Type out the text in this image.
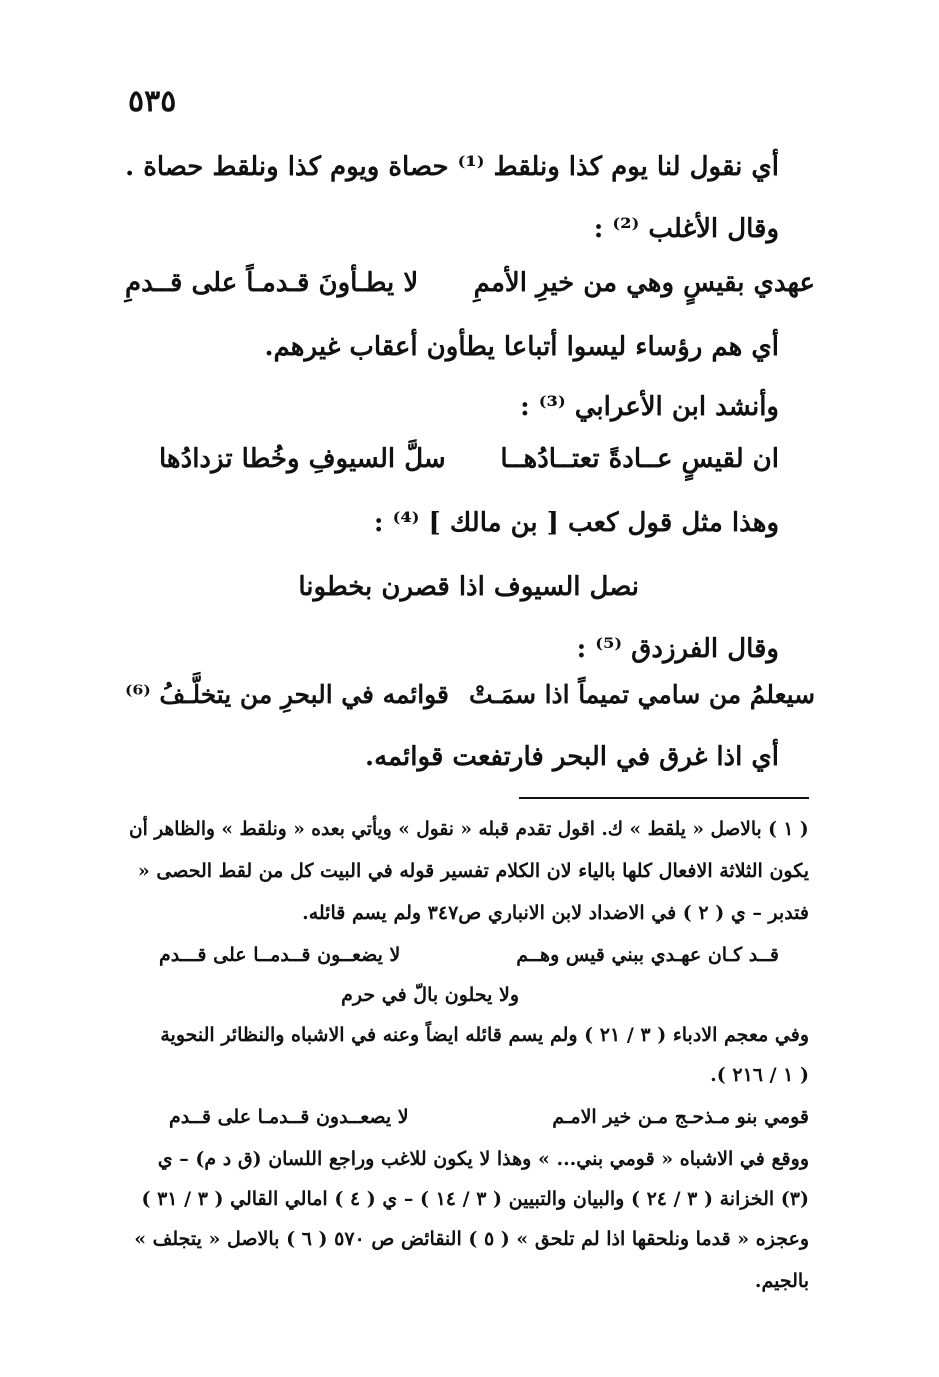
٥٣٥

أي نقول لنا يوم كذا ونلقط ⁽¹⁾ حصاة ويوم كذا ونلقط حصاة .

وقال الأغلب ⁽²⁾ :

عهدي بقيسٍ وهي من خيرِ الأممِ
لا يطـأونَ قـدمـاً على قــدمِ

أي هم رؤساء ليسوا أتباعا يطأون أعقاب غيرهم.

وأنشد ابن الأعرابي ⁽³⁾ :

ان لقيسٍ عــادةً تعتــادُهــا
سلَّ السيوفِ وخُطا تزدادُها

وهذا مثل قول كعب [ بن مالك ] ⁽⁴⁾ :

نصل السيوف اذا قصرن بخطونا

وقال الفرزدق ⁽⁵⁾ :

سيعلمُ من سامي تميماً اذا سمَـتْ
قوائمه في البحرِ من يتخلَّـفُ ⁽⁶⁾

أي اذا غرق في البحر فارتفعت قوائمه.

( ١ ) بالاصل « يلقط » ك. اقول تقدم قبله « نقول » ويأتي بعده « ونلقط » والظاهر أن

يكون الثلاثة الافعال كلها بالياء لان الكلام تفسير قوله في البيت كل من لقط الحصى «

فتدبر – ي ( ٢ ) في الاضداد لابن الانباري ص٣٤٧ ولم يسم قائله.

قــد كـان عهـدي ببني قيس وهــم
لا يضعــون قــدمــا على قـــدم

ولا يحلون بالّ في حرم

وفي معجم الادباء ( ٣ / ٢١ ) ولم يسم قائله ايضاً وعنه في الاشباه والنظائر النحوية

( ١ / ٢١٦ ).

قومي بنو مـذحـج مـن خير الامـم
لا يصعــدون قــدمـا على قــدم

ووقع في الاشباه « قومي بني... » وهذا لا يكون للاغب وراجع اللسان (ق د م) – ي

(٣) الخزانة ( ٣ / ٢٤ ) والبيان والتبيين ( ٣ / ١٤ ) – ي ( ٤ ) امالي القالي ( ٣ / ٣١ )

وعجزه « قدما ونلحقها اذا لم تلحق » ( ٥ ) النقائض ص ٥٧٠ ( ٦ ) بالاصل « يتجلف »

بالجيم.
